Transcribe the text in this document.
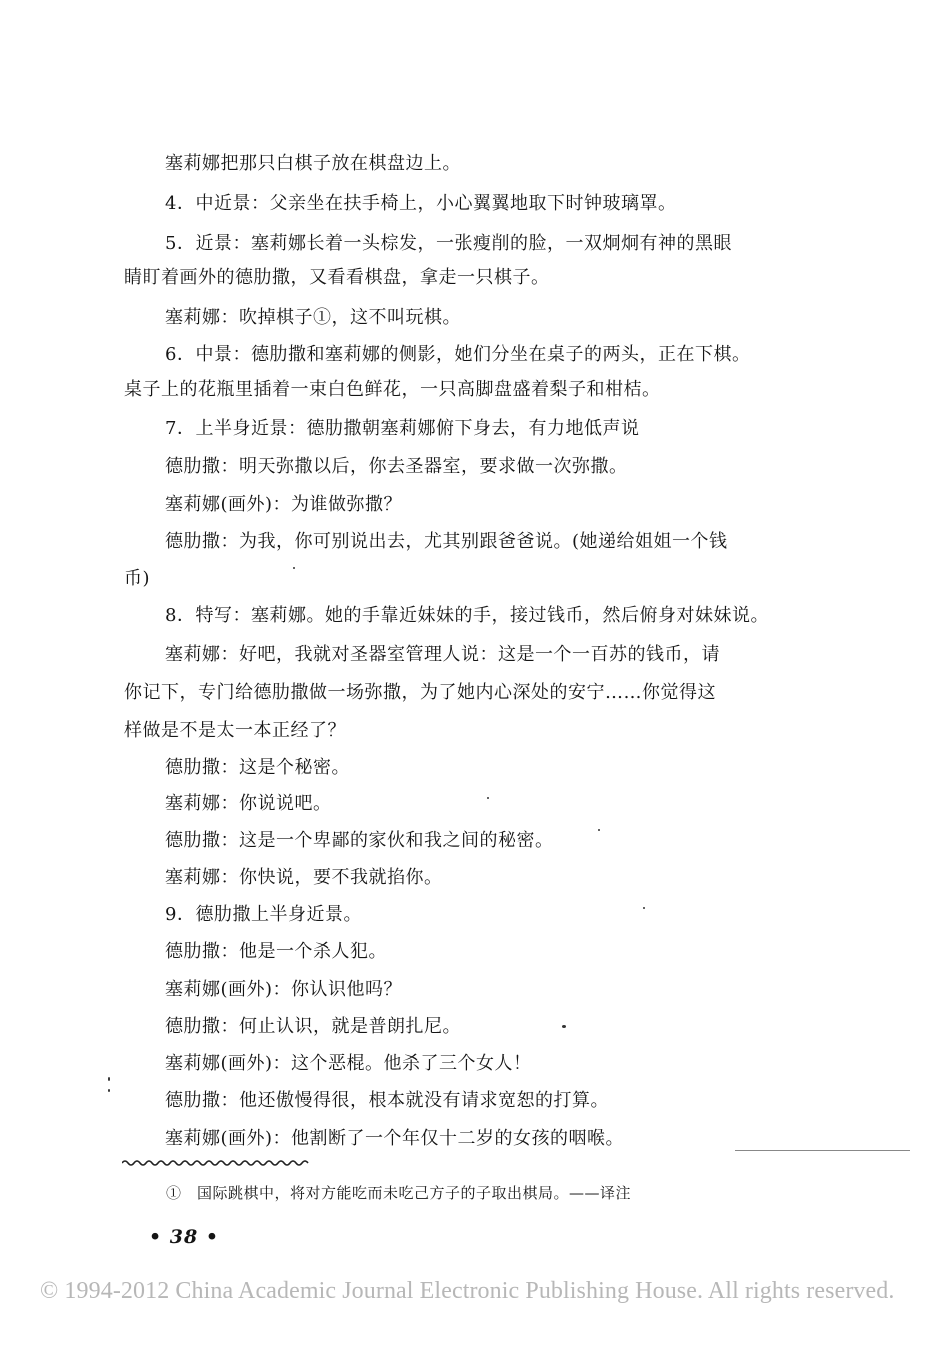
塞莉娜把那只白棋子放在棋盘边上。
4．中近景：父亲坐在扶手椅上，小心翼翼地取下时钟玻璃罩。
5．近景：塞莉娜长着一头棕发，一张瘦削的脸，一双炯炯有神的黑眼
睛盯着画外的德肋撒，又看看棋盘，拿走一只棋子。
塞莉娜：吹掉棋子①，这不叫玩棋。
6．中景：德肋撒和塞莉娜的侧影，她们分坐在桌子的两头，正在下棋。
桌子上的花瓶里插着一束白色鲜花，一只高脚盘盛着梨子和柑桔。
7．上半身近景：德肋撒朝塞莉娜俯下身去，有力地低声说
德肋撒：明天弥撒以后，你去圣器室，要求做一次弥撒。
塞莉娜(画外)：为谁做弥撒？
德肋撒：为我，你可别说出去，尤其别跟爸爸说。(她递给姐姐一个钱
币)
8．特写：塞莉娜。她的手靠近妹妹的手，接过钱币，然后俯身对妹妹说。
塞莉娜：好吧，我就对圣器室管理人说：这是一个一百苏的钱币，请
你记下，专门给德肋撒做一场弥撒，为了她内心深处的安宁……你觉得这
样做是不是太一本正经了？
德肋撒：这是个秘密。
塞莉娜：你说说吧。
德肋撒：这是一个卑鄙的家伙和我之间的秘密。
塞莉娜：你快说，要不我就掐你。
9．德肋撒上半身近景。
德肋撒：他是一个杀人犯。
塞莉娜(画外)：你认识他吗？
德肋撒：何止认识，就是普朗扎尼。
塞莉娜(画外)：这个恶棍。他杀了三个女人！
德肋撒：他还傲慢得很，根本就没有请求宽恕的打算。
塞莉娜(画外)：他割断了一个年仅十二岁的女孩的咽喉。
①　国际跳棋中，将对方能吃而未吃己方子的子取出棋局。——译注
• 38 •
© 1994-2012 China Academic Journal Electronic Publishing House. All rights reserved.
